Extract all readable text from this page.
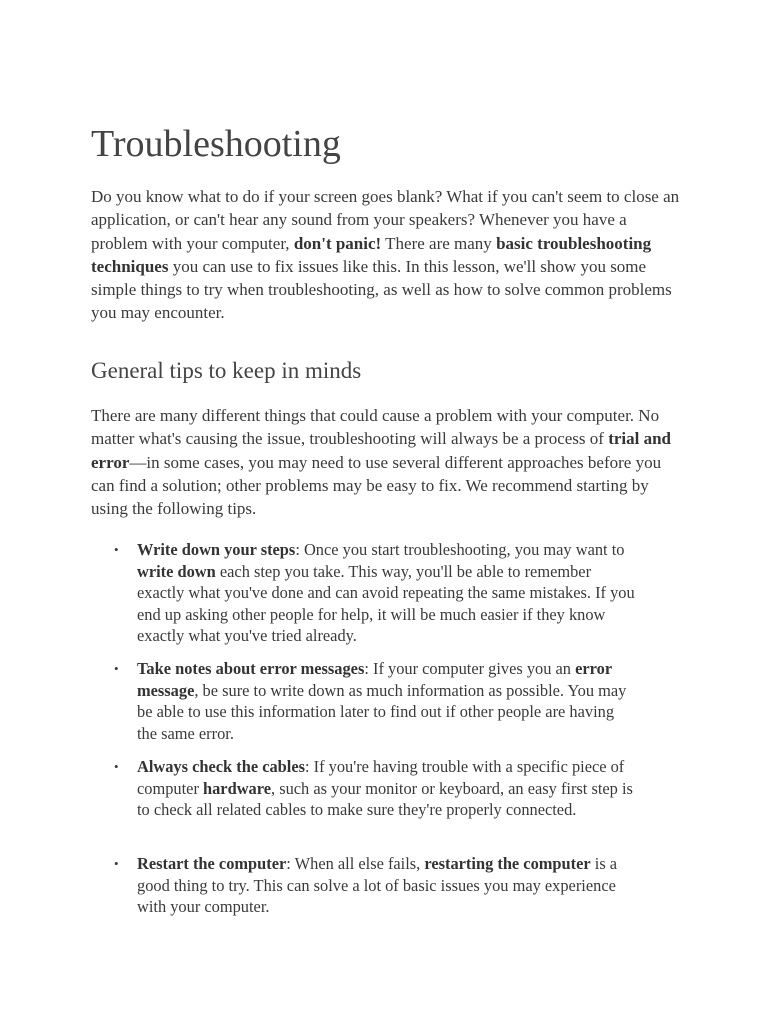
Troubleshooting

Do you know what to do if your screen goes blank? What if you can't seem to close an application, or can't hear any sound from your speakers? Whenever you have a problem with your computer, don't panic! There are many basic troubleshooting techniques you can use to fix issues like this. In this lesson, we'll show you some simple things to try when troubleshooting, as well as how to solve common problems you may encounter.

General tips to keep in minds

There are many different things that could cause a problem with your computer. No matter what's causing the issue, troubleshooting will always be a process of trial and error—in some cases, you may need to use several different approaches before you can find a solution; other problems may be easy to fix. We recommend starting by using the following tips.

• Write down your steps: Once you start troubleshooting, you may want to write down each step you take. This way, you'll be able to remember exactly what you've done and can avoid repeating the same mistakes. If you end up asking other people for help, it will be much easier if they know exactly what you've tried already.

• Take notes about error messages: If your computer gives you an error message, be sure to write down as much information as possible. You may be able to use this information later to find out if other people are having the same error.

• Always check the cables: If you're having trouble with a specific piece of computer hardware, such as your monitor or keyboard, an easy first step is to check all related cables to make sure they're properly connected.

• Restart the computer: When all else fails, restarting the computer is a good thing to try. This can solve a lot of basic issues you may experience with your computer.
